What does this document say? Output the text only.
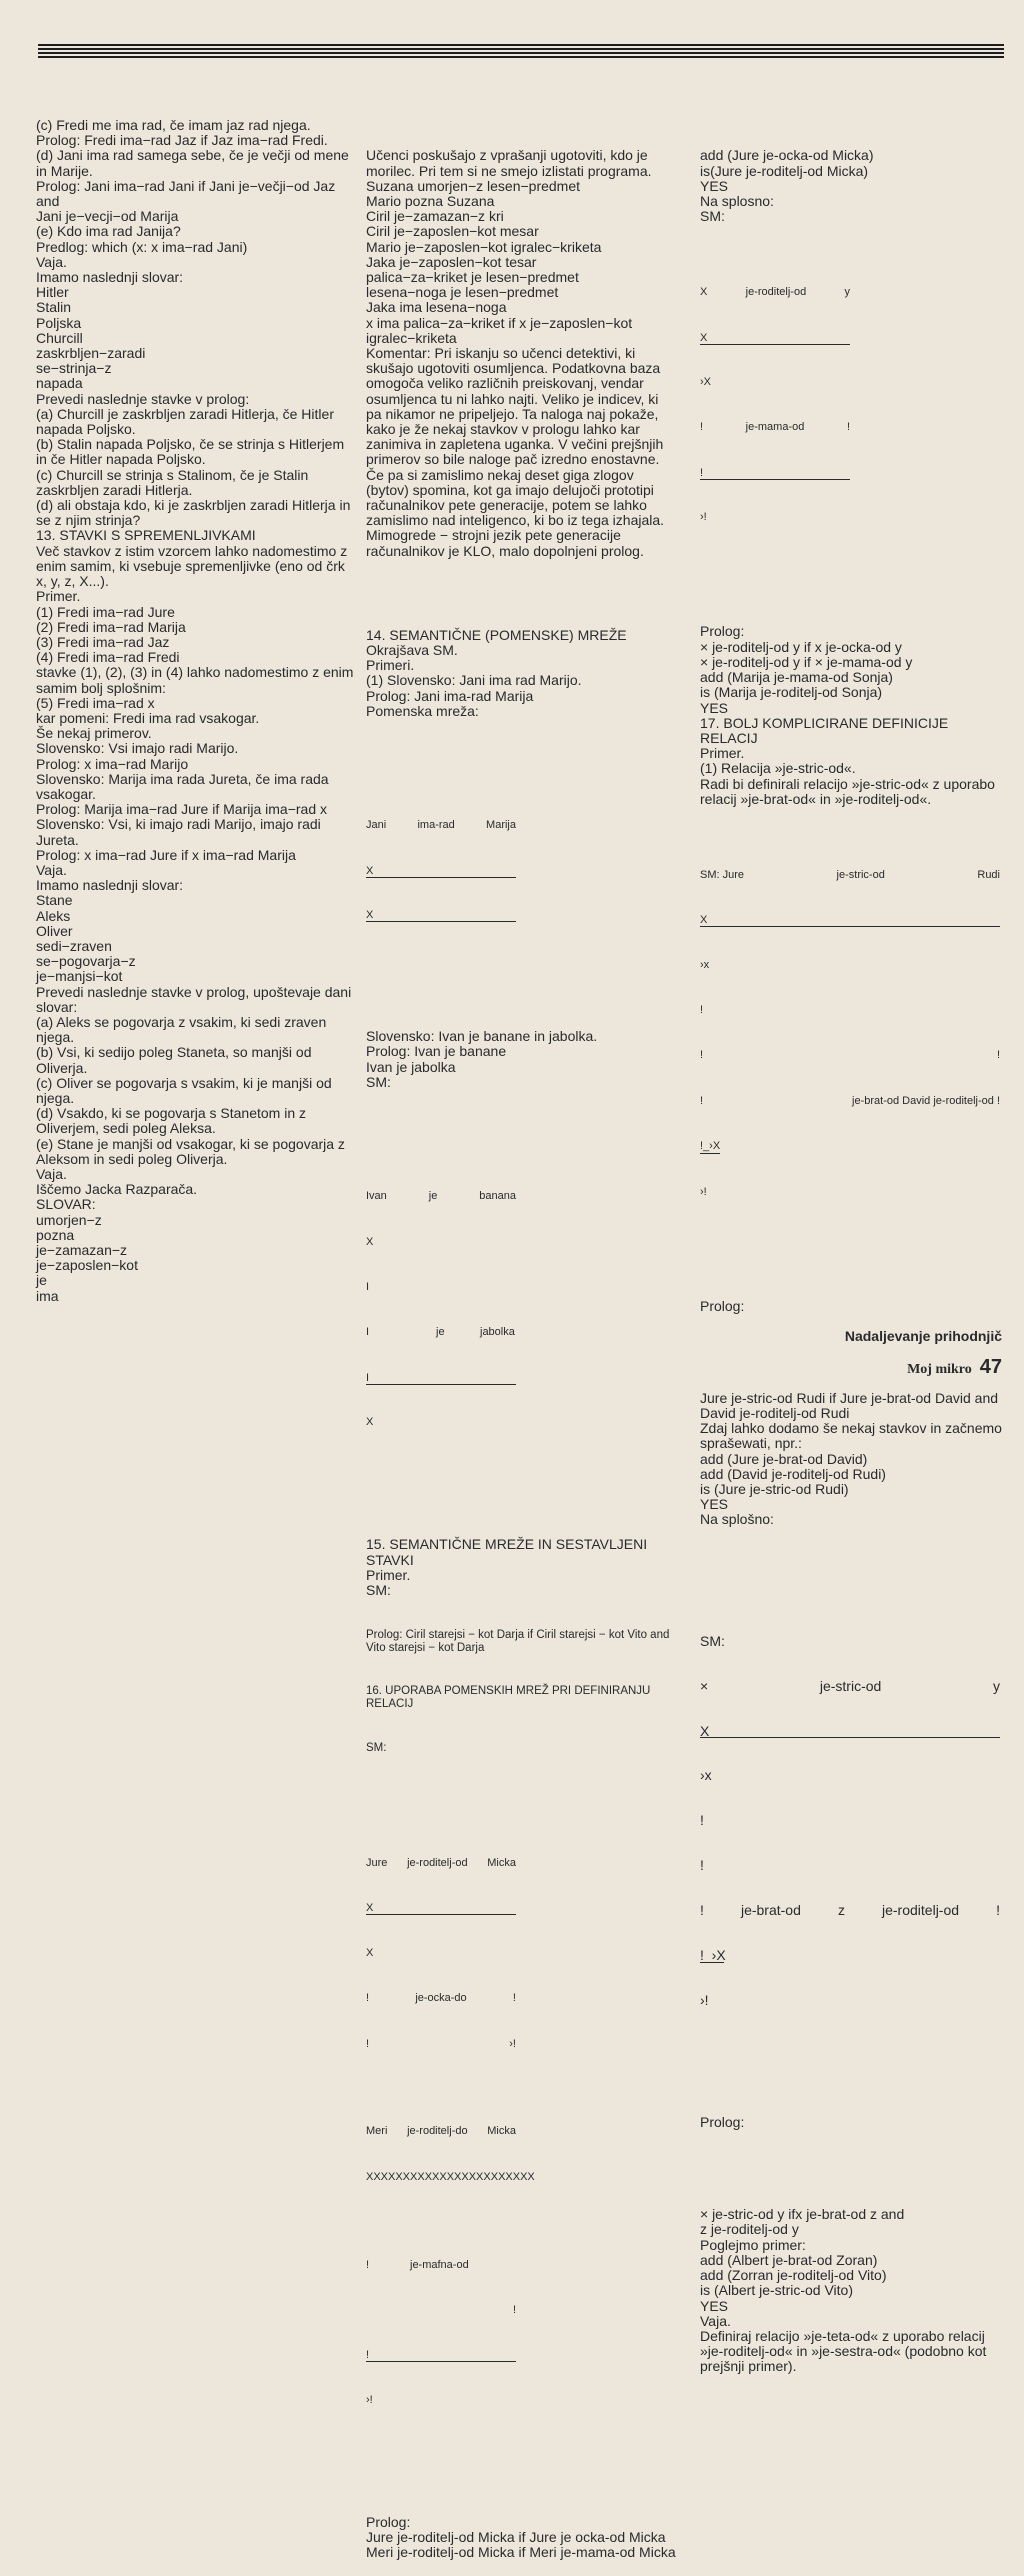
(c) Fredi me ima rad, če imam jaz rad njega.
Prolog: Fredi ima−rad Jaz if Jaz ima−rad Fredi.
(d) Jani ima rad samega sebe, če je večji od mene in Marije.
Prolog: Jani ima−rad Jani if Jani je−večji−od Jaz and
Jani je−vecji−od Marija
(e) Kdo ima rad Janija?
Predlog: which (x: x ima−rad Jani)
Vaja.
Imamo naslednji slovar:
Hitler
Stalin
Poljska
Churcill
zaskrbljen−zaradi
se−strinja−z
napada
Prevedi naslednje stavke v prolog:
(a) Churcill je zaskrbljen zaradi Hitlerja, če Hitler napada Poljsko.
(b) Stalin napada Poljsko, če se strinja s Hitlerjem in če Hitler napada Poljsko.
(c) Churcill se strinja s Stalinom, če je Stalin zaskrbljen zaradi Hitlerja.
(d) ali obstaja kdo, ki je zaskrbljen zaradi Hitlerja in se z njim strinja?
13. STAVKI S SPREMENLJIVKAMI
Več stavkov z istim vzorcem lahko nadomestimo z enim samim, ki vsebuje spremenljivke (eno od črk x, y, z, X...).
Primer.
(1) Fredi ima−rad Jure
(2) Fredi ima−rad Marija
(3) Fredi ima−rad Jaz
(4) Fredi ima−rad Fredi
stavke (1), (2), (3) in (4) lahko nadomestimo z enim samim bolj splošnim:
(5) Fredi ima−rad x
kar pomeni: Fredi ima rad vsakogar.
Še nekaj primerov.
Slovensko: Vsi imajo radi Marijo.
Prolog: x ima−rad Marijo
Slovensko: Marija ima rada Jureta, če ima rada vsakogar.
Prolog: Marija ima−rad Jure if Marija ima−rad x
Slovensko: Vsi, ki imajo radi Marijo, imajo radi Jureta.
Prolog: x ima−rad Jure if x ima−rad Marija
Vaja.
Imamo naslednji slovar:
Stane
Aleks
Oliver
sedi−zraven
se−pogovarja−z
je−manjsi−kot
Prevedi naslednje stavke v prolog, upoštevaje dani slovar:
(a) Aleks se pogovarja z vsakim, ki sedi zraven njega.
(b) Vsi, ki sedijo poleg Staneta, so manjši od Oliverja.
(c) Oliver se pogovarja s vsakim, ki je manjši od njega.
(d) Vsakdo, ki se pogovarja s Stanetom in z Oliverjem, sedi poleg Aleksa.
(e) Stane je manjši od vsakogar, ki se pogovarja z Aleksom in sedi poleg Oliverja.
Vaja.
Iščemo Jacka Razparača.
SLOVAR:
umorjen−z
pozna
je−zamazan−z
je−zaposlen−kot
je
ima

Učenci poskušajo z vprašanji ugotoviti, kdo je morilec. Pri tem si ne smejo izlistati programa. Suzana umorjen−z lesen−predmet
Mario pozna Suzana
Ciril je−zamazan−z kri
Ciril je−zaposlen−kot mesar
Mario je−zaposlen−kot igralec−kriketa
Jaka je−zaposlen−kot tesar
palica−za−kriket je lesen−predmet
lesena−noga je lesen−predmet
Jaka ima lesena−noga
x ima palica−za−kriket if x je−zaposlen−kot igralec−kriketa
Komentar: Pri iskanju so učenci detektivi, ki skušajo ugotoviti osumljenca. Podatkovna baza omogoča veliko različnih preiskovanj, vendar osumljenca tu ni lahko najti. Veliko je indicev, ki pa nikamor ne pripeljejo. Ta naloga naj pokaže, kako je že nekaj stavkov v prologu lahko kar zanimiva in zapletena uganka. V večini prejšnjih primerov so bile naloge pač izredno enostavne. Če pa si zamislimo nekaj deset giga zlogov (bytov) spomina, kot ga imajo delujoči prototipi računalnikov pete generacije, potem se lahko zamislimo nad inteligenco, ki bo iz tega izhajala. Mimogrede − strojni jezik pete generacije računalnikov je KLO, malo dopolnjeni prolog.

14. SEMANTIČNE (POMENSKE) MREŽE
Okrajšava SM.
Primeri.
(1) Slovensko: Jani ima rad Marijo.
Prolog: Jani ima-rad Marija
Pomenska mreža:

Jani	ima-rad	Marija

X

X

Slovensko: Ivan je banane in jabolka.
Prolog: Ivan je banane
Ivan je jabolka
SM:

Ivan	je	banana

X

I

I	je	jabolka

I

X

15. SEMANTIČNE MREŽE IN SESTAVLJENI STAVKI
Primer.
SM:

Prolog: Ciril starejsi − kot Darja if Ciril starejsi − kot Vito and Vito starejsi − kot Darja

16. UPORABA POMENSKIH MREŽ PRI DEFINIRANJU RELACIJ

SM:

Jure je-roditelj-od Micka

X

X

!	je-ocka-do	!

!	›!

Meri je-roditelj-do Micka

XXXXXXXXXXXXXXXXXXXXXXX

!	je-mafna-od

!

!

›!

Prolog:
Jure je-roditelj-od Micka if Jure je ocka-od Micka
Meri je-roditelj-od Micka if Meri je-mama-od Micka

add (Jure je-ocka-od Micka)
is(Jure je-roditelj-od Micka)
YES
Na splosno:
SM:

X	je-roditelj-od	y

X

›X

!	je-mama-od	!

!

›!

Prolog:
× je-roditelj-od y if x je-ocka-od y
× je-roditelj-od y if × je-mama-od y
add (Marija je-mama-od Sonja)
is (Marija je-roditelj-od Sonja)
YES
17. BOLJ KOMPLICIRANE DEFINICIJE RELACIJ
Primer.
(1) Relacija »je-stric-od«.
Radi bi definirali relacijo »je-stric-od« z uporabo
relacij »je-brat-od« in »je-roditelj-od«.

SM: Jure	je-stric-od	Rudi

X

›x

!

!	!

!	je-brat-od David je-roditelj-od !

!_›X

›!

Prolog:

Jure je-stric-od Rudi if Jure je-brat-od David and
David je-roditelj-od Rudi
Zdaj lahko dodamo še nekaj stavkov in začnemo sprašewati, npr.:
add (Jure je-brat-od David)
add (David je-roditelj-od Rudi)
is (Jure je-stric-od Rudi)
YES
Na splošno:

SM:

×	je-stric-od	y

X

›x

!

!

!	je-brat-od	z	je-roditelj-od	!

!_›X

›!

Prolog:

× je-stric-od y ifx je-brat-od z and
z je-roditelj-od y
Poglejmo primer:
add (Albert je-brat-od Zoran)
add (Zorran je-roditelj-od Vito)
is (Albert je-stric-od Vito)
YES
Vaja.
Definiraj relacijo »je-teta-od« z uporabo relacij
»je-roditelj-od« in »je-sestra-od« (podobno kot prejšnji primer).

Nadaljevanje prihodnjič
Moj mikro 47
